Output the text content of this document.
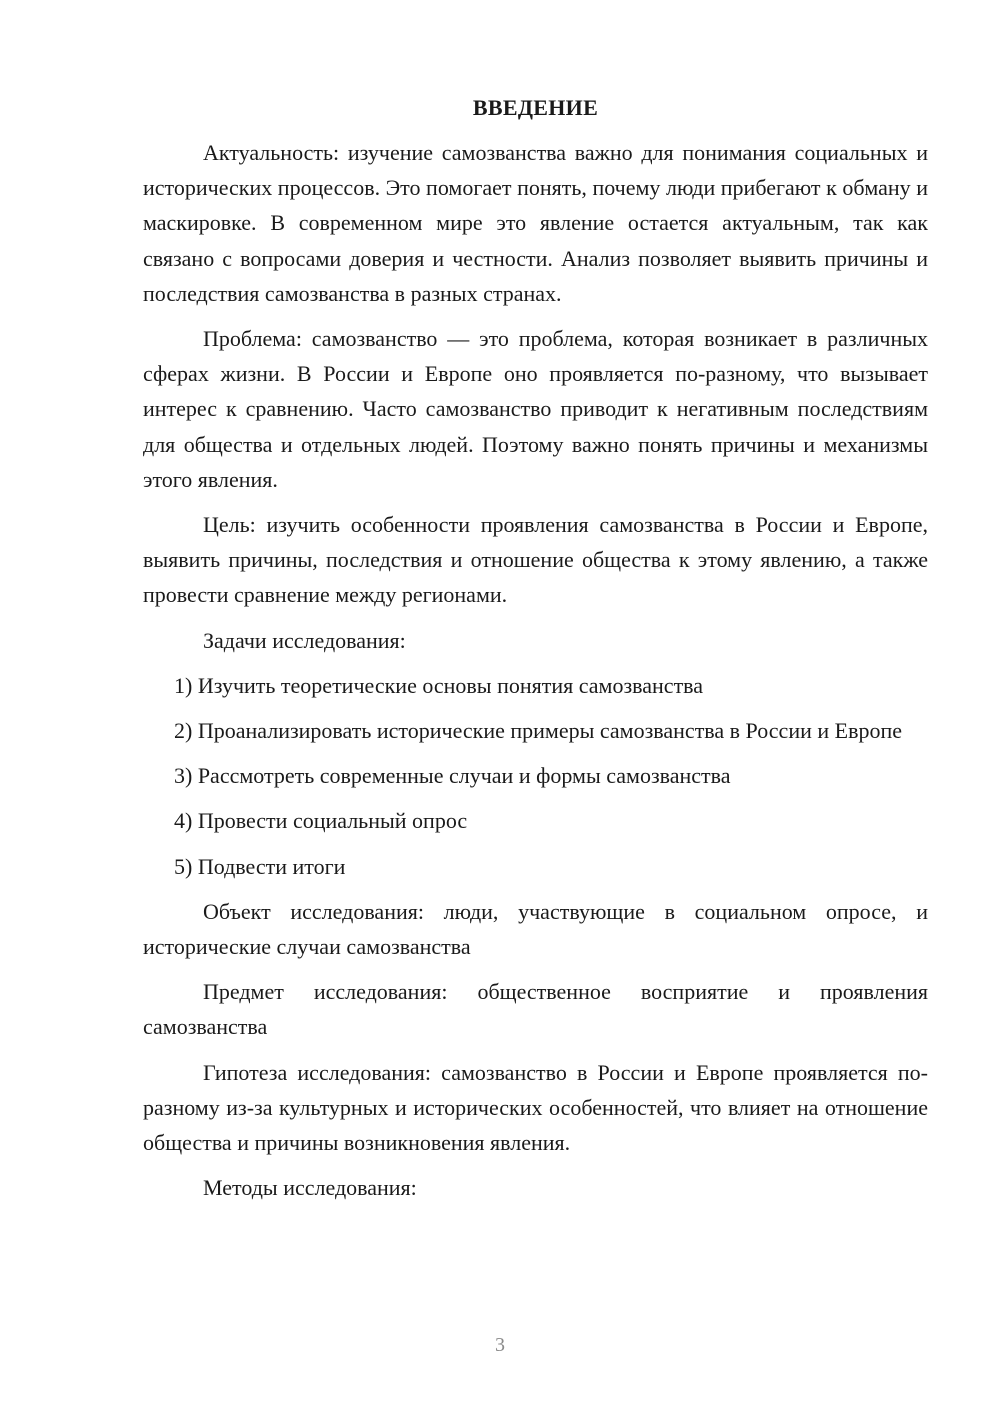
ВВЕДЕНИЕ

Актуальность: изучение самозванства важно для понимания социальных и исторических процессов. Это помогает понять, почему люди прибегают к обману и маскировке. В современном мире это явление остается актуальным, так как связано с вопросами доверия и честности. Анализ позволяет выявить причины и последствия самозванства в разных странах.

Проблема: самозванство — это проблема, которая возникает в различных сферах жизни. В России и Европе оно проявляется по-разному, что вызывает интерес к сравнению. Часто самозванство приводит к негативным последствиям для общества и отдельных людей. Поэтому важно понять причины и механизмы этого явления.

Цель: изучить особенности проявления самозванства в России и Европе, выявить причины, последствия и отношение общества к этому явлению, а также провести сравнение между регионами.

Задачи исследования:

1) Изучить теоретические основы понятия самозванства

2) Проанализировать исторические примеры самозванства в России и Европе

3) Рассмотреть современные случаи и формы самозванства

4) Провести социальный опрос

5) Подвести итоги

Объект исследования: люди, участвующие в социальном опросе, и исторические случаи самозванства

Предмет исследования: общественное восприятие и проявления самозванства

Гипотеза исследования: самозванство в России и Европе проявляется по-разному из-за культурных и исторических особенностей, что влияет на отношение общества и причины возникновения явления.

Методы исследования:

3
